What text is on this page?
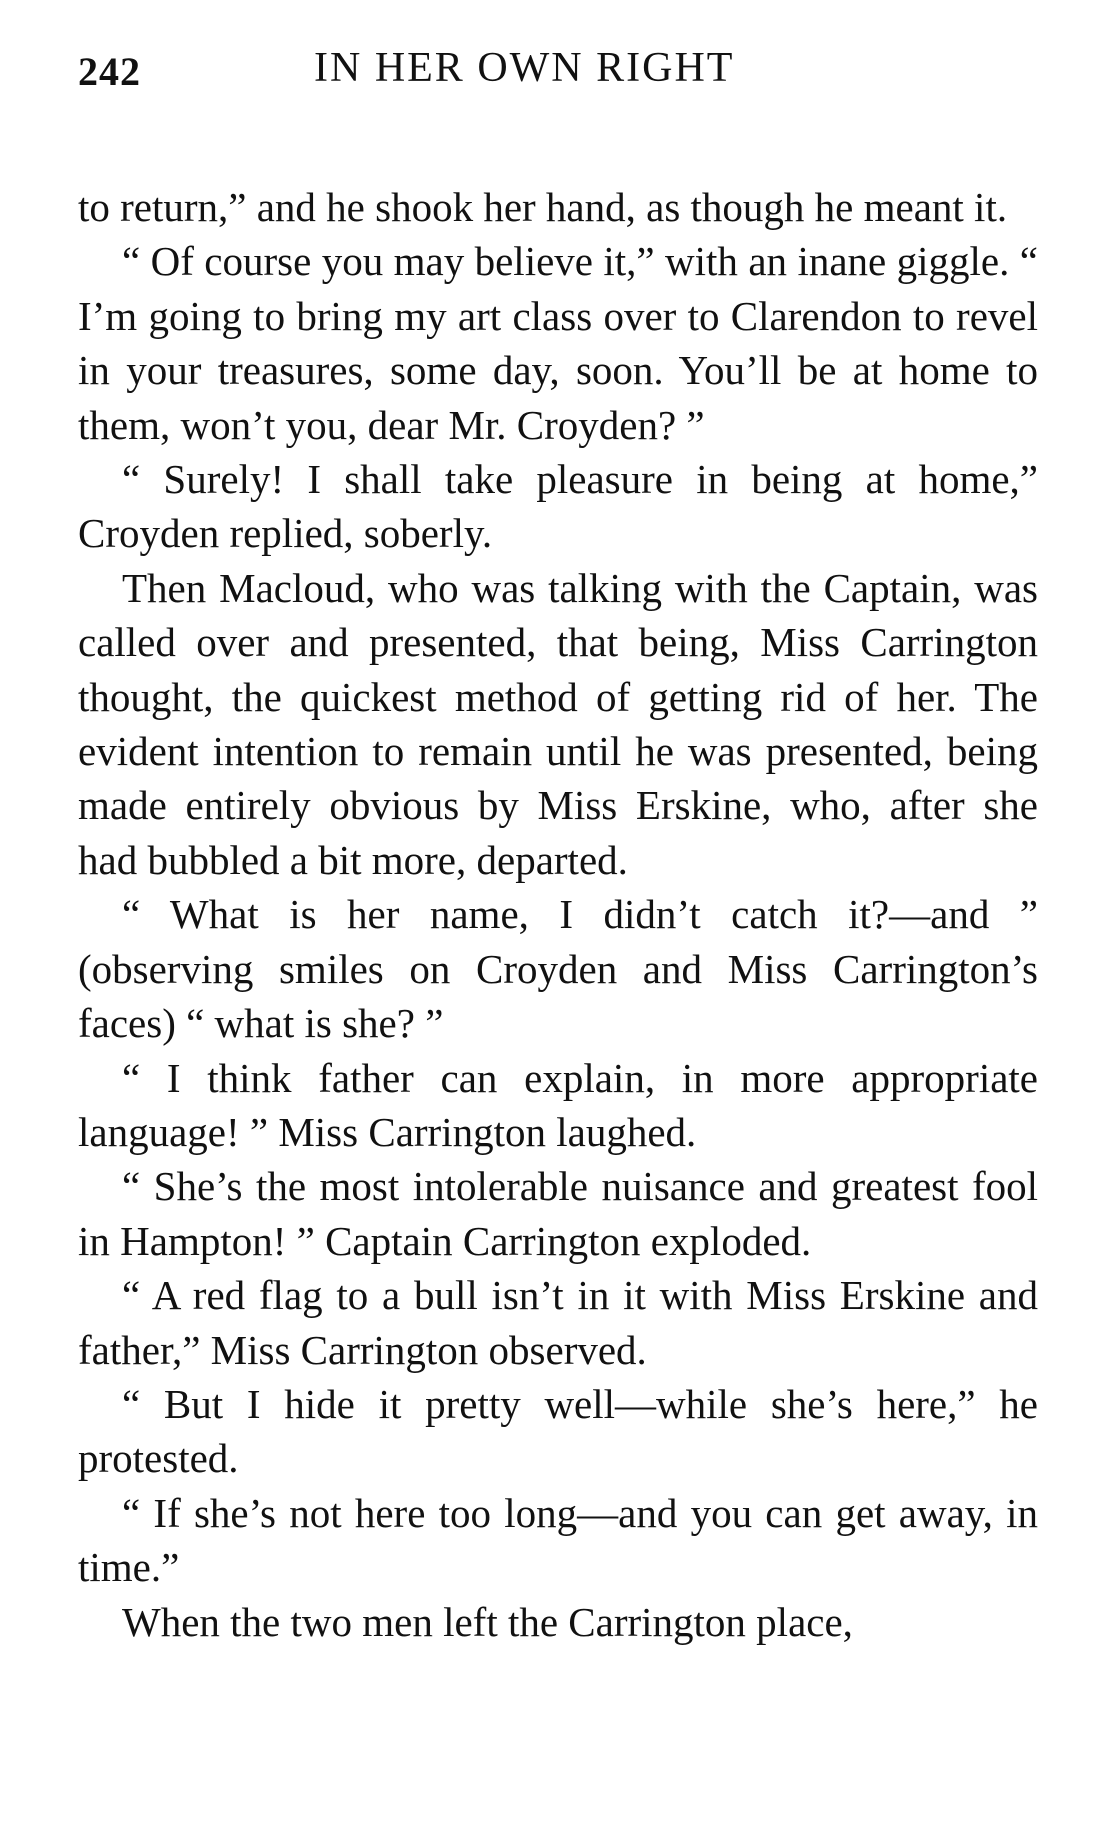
242	IN HER OWN RIGHT

to return,” and he shook her hand, as though he meant it.

“ Of course you may believe it,” with an inane giggle. “ I’m going to bring my art class over to Clarendon to revel in your treasures, some day, soon. You’ll be at home to them, won’t you, dear Mr. Croyden? ”

“ Surely! I shall take pleasure in being at home,” Croyden replied, soberly.

Then Macloud, who was talking with the Captain, was called over and presented, that being, Miss Carrington thought, the quickest method of getting rid of her. The evident intention to remain until he was presented, being made entirely obvious by Miss Erskine, who, after she had bubbled a bit more, departed.

“ What is her name, I didn’t catch it?—and ” (observing smiles on Croyden and Miss Carrington’s faces) “ what is she? ”

“ I think father can explain, in more appropriate language! ” Miss Carrington laughed.

“ She’s the most intolerable nuisance and greatest fool in Hampton! ” Captain Carrington exploded.

“ A red flag to a bull isn’t in it with Miss Erskine and father,” Miss Carrington observed.

“ But I hide it pretty well—while she’s here,” he protested.

“ If she’s not here too long—and you can get away, in time.”

When the two men left the Carrington place,
